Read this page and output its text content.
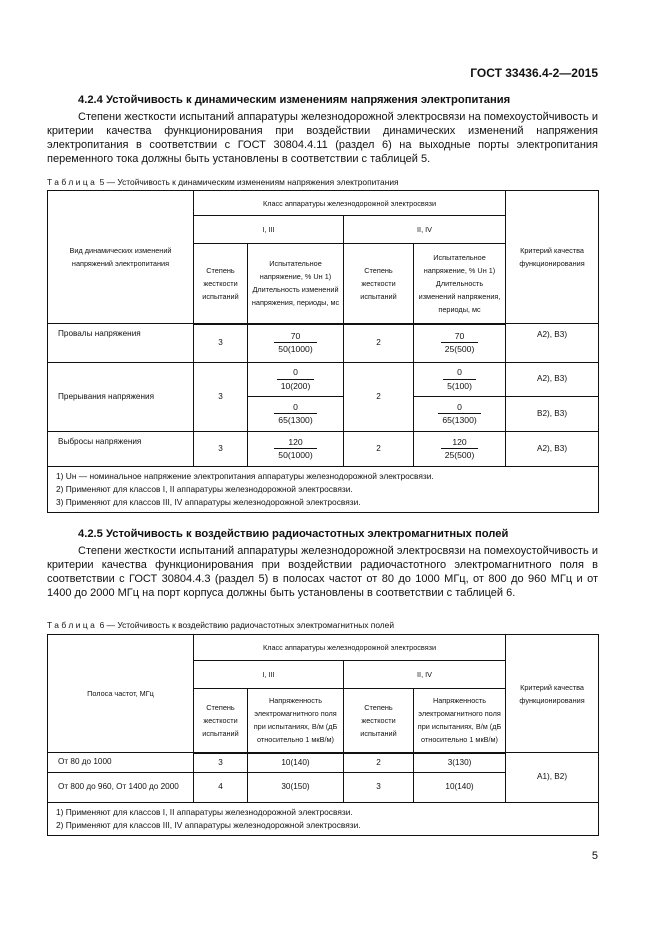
ГОСТ 33436.4-2—2015
4.2.4 Устойчивость к динамическим изменениям напряжения электропитания
Степени жесткости испытаний аппаратуры железнодорожной электросвязи на помехоустойчивость и критерии качества функционирования при воздействии динамических изменений напряжения электропитания в соответствии с ГОСТ 30804.4.11 (раздел 6) на выходные порты электропитания переменного тока должны быть установлены в соответствии с таблицей 5.
Таблица 5 — Устойчивость к динамическим изменениям напряжения электропитания
Вид динамических изменений напряжений электропитания	Класс аппаратуры железнодорожной электросвязи				Критерий качества функционирования
	I, III		II, IV		
	Степень жесткости испытаний	Испытательное напряжение, % Uн 1) Длительность изменений напряжения, периоды, мс	Степень жесткости испытаний	Испытательное напряжение, % Uн 1) Длительность изменений напряжения, периоды, мс	
Провалы напряжения	3	$\frac{70}{50(1000)}$	2	$\frac{70}{25(500)}$	A2), B3)
Прерывания напряжения	3	$\frac{0}{10(200)}$	2	$\frac{0}{5(100)}$	A2), B3)

		$\frac{0}{65(1300)}$		$\frac{0}{65(1300)}$	B2), B3)
Выбросы напряжения	3	$\frac{120}{50(1000)}$	2	$\frac{120}{25(500)}$	A2), B3)

1) Uн — номинальное напряжение электропитания аппаратуры железнодорожной электросвязи.
2) Применяют для классов I, II аппаратуры железнодорожной электросвязи.
3) Применяют для классов III, IV аппаратуры железнодорожной электросвязи.					
4.2.5 Устойчивость к воздействию радиочастотных электромагнитных полей
Степени жесткости испытаний аппаратуры железнодорожной электросвязи на помехоустойчивость и критерии качества функционирования при воздействии радиочастотного электромагнитного поля в соответствии с ГОСТ 30804.4.3 (раздел 5) в полосах частот от 80 до 1000 МГц, от 800 до 960 МГц и от 1400 до 2000 МГц на порт корпуса должны быть установлены в соответствии с таблицей 6.
Таблица 6 — Устойчивость к воздействию радиочастотных электромагнитных полей
Полоса частот, МГц	Класс аппаратуры железнодорожной электросвязи				Критерий качества функционирования
	I, III		II, IV		
	Степень жесткости испытаний	Напряженность электромагнитного поля при испытаниях, В/м (дБ относительно 1 мкВ/м)	Степень жесткости испытаний	Напряженность электромагнитного поля при испытаниях, В/м (дБ относительно 1 мкВ/м)	
От 80 до 1000	3	10(140)	2	3(130)	A1), B2)
От 800 до 960, От 1400 до 2000	4	30(150)	3	10(140)	

1) Применяют для классов I, II аппаратуры железнодорожной электросвязи.
2) Применяют для классов III, IV аппаратуры железнодорожной электросвязи.					
5
